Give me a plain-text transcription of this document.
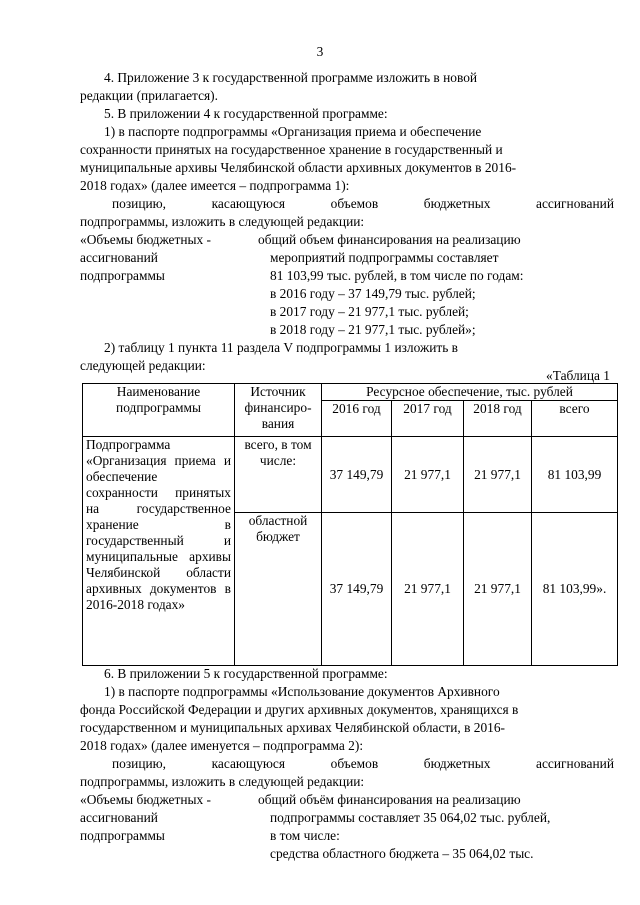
3
4. Приложение 3 к государственной программе изложить в новой
редакции (прилагается).
5. В приложении 4 к государственной программе:
1) в паспорте подпрограммы «Организация приема и обеспечение
сохранности принятых на государственное хранение в государственный и
муниципальные архивы Челябинской области архивных документов в 2016-
2018 годах» (далее имеется – подпрограмма 1):
позицию,	касающуюся	объемов	бюджетных	ассигнований
подпрограммы, изложить в следующей редакции:
«Объемы бюджетных -
ассигнований
подпрограммы
общий объем финансирования на реализацию
мероприятий подпрограммы составляет
81 103,99 тыс. рублей, в том числе по годам:
в 2016 году – 37 149,79 тыс. рублей;
в 2017 году – 21 977,1 тыс. рублей;
в 2018 году – 21 977,1 тыс. рублей»;
2) таблицу 1 пункта 11 раздела V подпрограммы 1 изложить в
следующей редакции:
«Таблица 1
Наименование подпрограммы	Источник финансиро-вания	Ресурсное обеспечение, тыс. рублей			
		2016 год	2017 год	2018 год	всего
Подпрограмма «Организация приема и обеспечение сохранности принятых на государственное хранение в государственный и муниципальные архивы Челябинской области архивных документов в 2016-2018 годах»	всего, в том числе:	37 149,79	21 977,1	21 977,1	81 103,99
	областной бюджет	37 149,79	21 977,1	21 977,1	81 103,99».
6. В приложении 5 к государственной программе:
1) в паспорте подпрограммы «Использование документов Архивного
фонда Российской Федерации и других архивных документов, хранящихся в
государственном и муниципальных архивах Челябинской области, в 2016-
2018 годах» (далее именуется – подпрограмма 2):
позицию,	касающуюся	объемов	бюджетных	ассигнований
подпрограммы, изложить в следующей редакции:
«Объемы бюджетных -
ассигнований
подпрограммы
общий объём финансирования на реализацию
подпрограммы составляет 35 064,02 тыс. рублей,
в том числе:
средства областного бюджета – 35 064,02 тыс.
